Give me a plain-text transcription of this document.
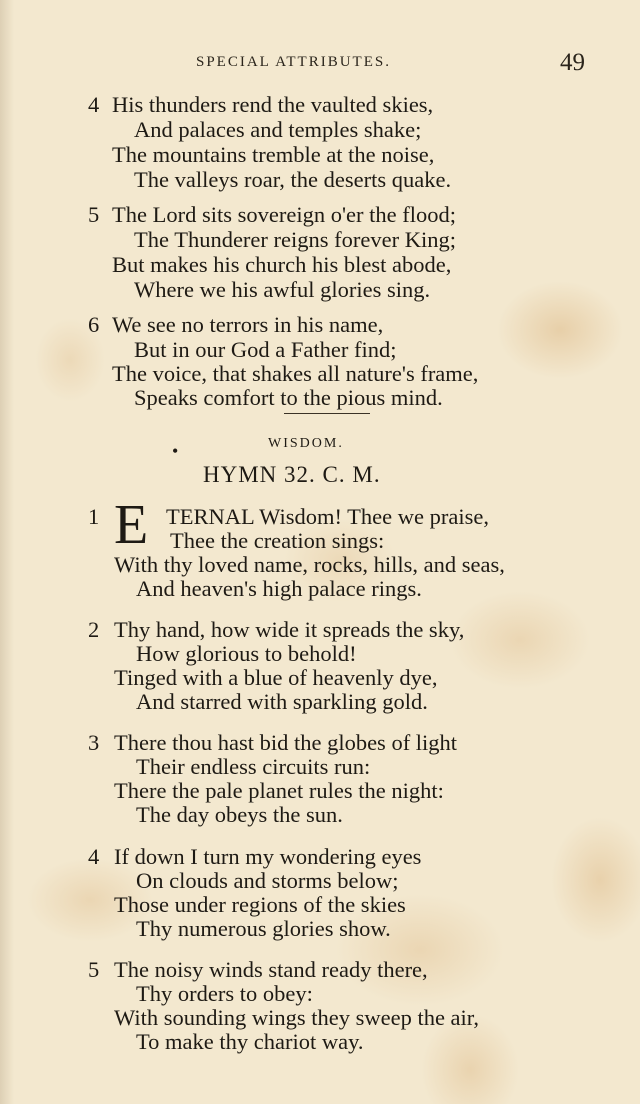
SPECIAL ATTRIBUTES.	49
4 His thunders rend the vaulted skies,
And palaces and temples shake;
The mountains tremble at the noise,
The valleys roar, the deserts quake.
5 The Lord sits sovereign o'er the flood;
The Thunderer reigns forever King;
But makes his church his blest abode,
Where we his awful glories sing.
6 We see no terrors in his name,
But in our God a Father find;
The voice, that shakes all nature's frame,
Speaks comfort to the pious mind.
•	WISDOM.
HYMN 32. C. M.
1 E TERNAL Wisdom! Thee we praise,
Thee the creation sings:
With thy loved name, rocks, hills, and seas,
And heaven's high palace rings.
2 Thy hand, how wide it spreads the sky,
How glorious to behold!
Tinged with a blue of heavenly dye,
And starred with sparkling gold.
3 There thou hast bid the globes of light
Their endless circuits run:
There the pale planet rules the night:
The day obeys the sun.
4 If down I turn my wondering eyes
On clouds and storms below;
Those under regions of the skies
Thy numerous glories show.
5 The noisy winds stand ready there,
Thy orders to obey:
With sounding wings they sweep the air,
To make thy chariot way.
